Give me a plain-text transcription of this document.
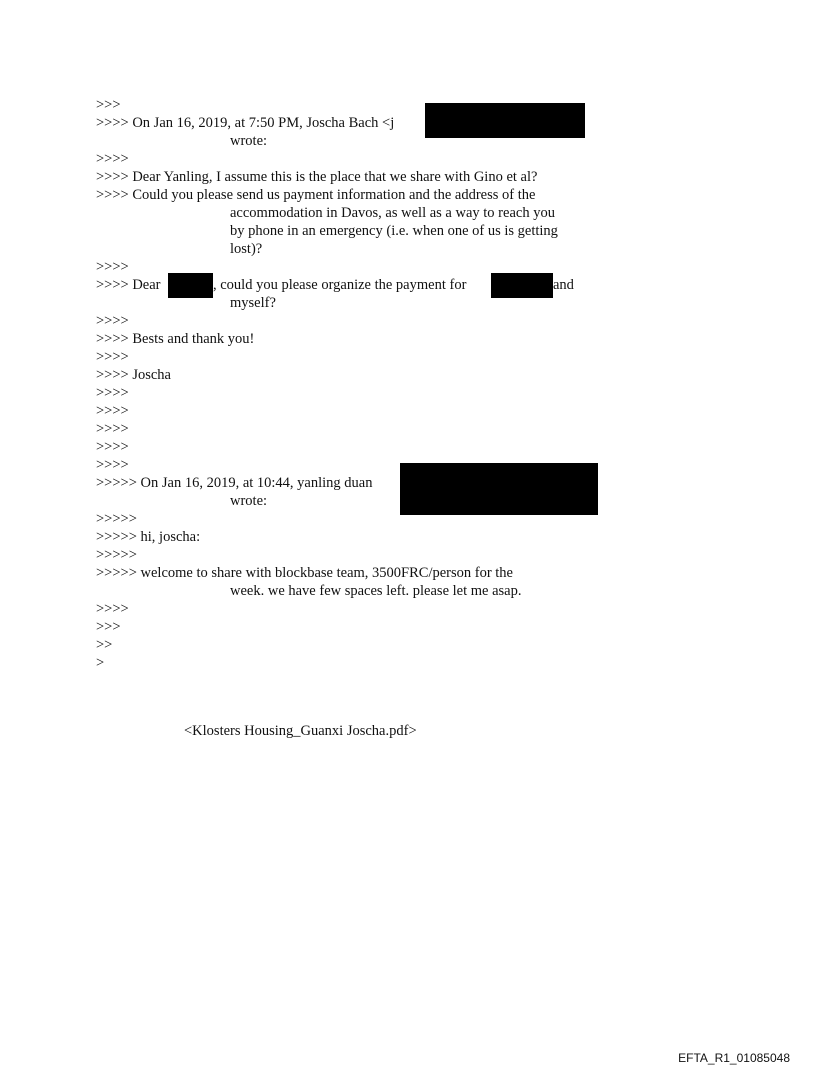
>>>
>>>> On Jan 16, 2019, at 7:50 PM, Joscha Bach <j
wrote:
>>>>
>>>> Dear Yanling, I assume this is the place that we share with Gino et al?
>>>> Could you please send us payment information and the address of the
accommodation in Davos, as well as a way to reach you
by phone in an emergency (i.e. when one of us is getting
lost)?
>>>>
>>>> Dear	, could you please organize the payment for	and
myself?
>>>>
>>>> Bests and thank you!
>>>>
>>>> Joscha
>>>>
>>>>
>>>>
>>>>
>>>>
>>>>> On Jan 16, 2019, at 10:44, yanling duan
wrote:
>>>>>
>>>>> hi, joscha:
>>>>>
>>>>> welcome to share with blockbase team, 3500FRC/person for the
week. we have few spaces left. please let me asap.
>>>>
>>>
>>
>
<Klosters Housing_Guanxi Joscha.pdf>
EFTA_R1_01085048
